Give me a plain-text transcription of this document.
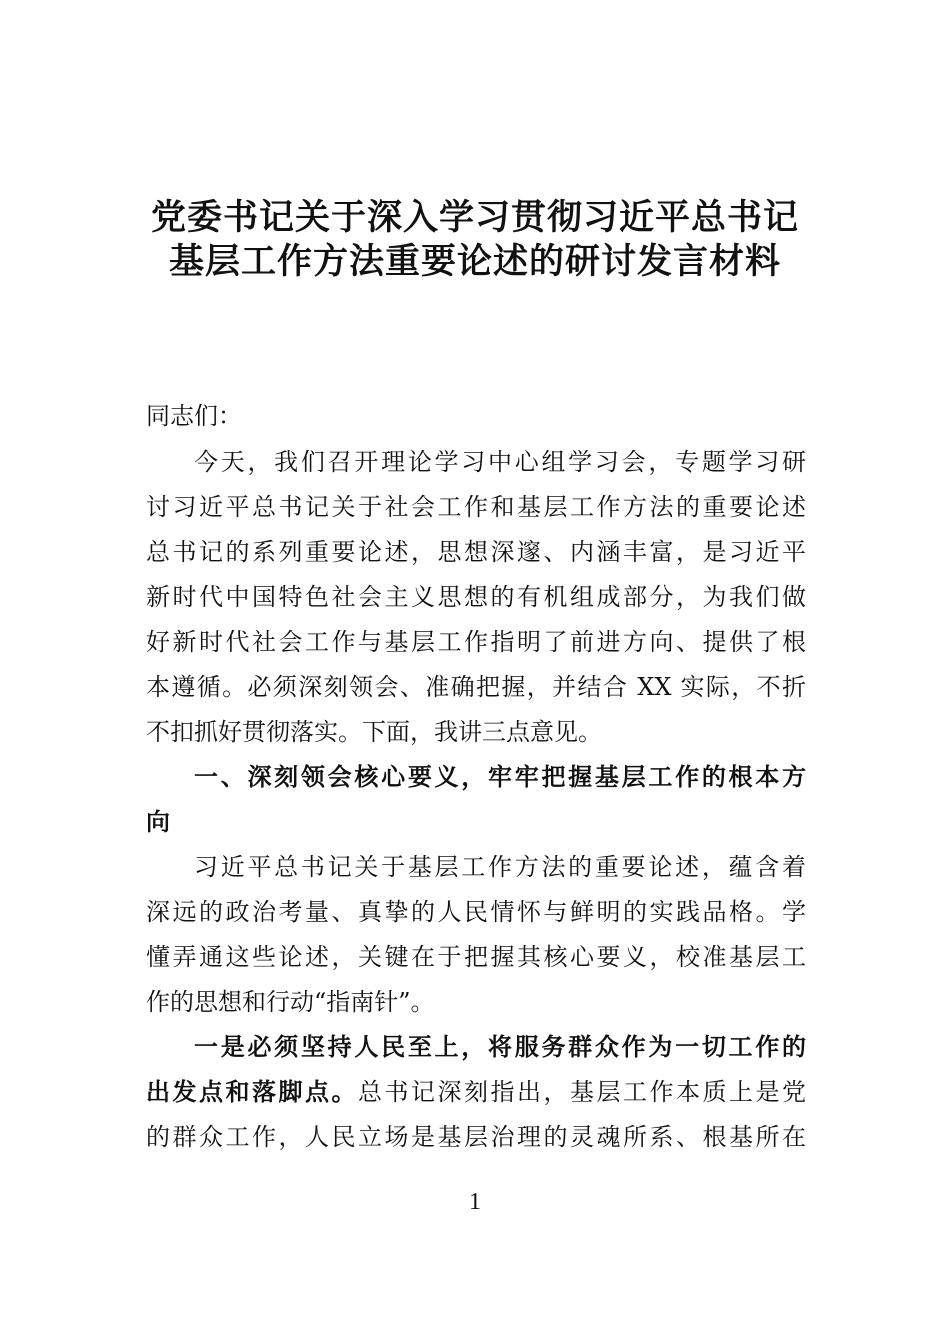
党委书记关于深入学习贯彻习近平总书记
基层工作方法重要论述的研讨发言材料
同志们：
今天，我们召开理论学习中心组学习会，专题学习研
讨习近平总书记关于社会工作和基层工作方法的重要论述
总书记的系列重要论述，思想深邃、内涵丰富，是习近平
新时代中国特色社会主义思想的有机组成部分，为我们做
好新时代社会工作与基层工作指明了前进方向、提供了根
本遵循。必须深刻领会、准确把握，并结合 XX 实际，不折
不扣抓好贯彻落实。下面，我讲三点意见。
一、深刻领会核心要义，牢牢把握基层工作的根本方
向
习近平总书记关于基层工作方法的重要论述，蕴含着
深远的政治考量、真挚的人民情怀与鲜明的实践品格。学
懂弄通这些论述，关键在于把握其核心要义，校准基层工
作的思想和行动“指南针”。
一是必须坚持人民至上，将服务群众作为一切工作的
出发点和落脚点。总书记深刻指出，基层工作本质上是党
的群众工作，人民立场是基层治理的灵魂所系、根基所在
1
